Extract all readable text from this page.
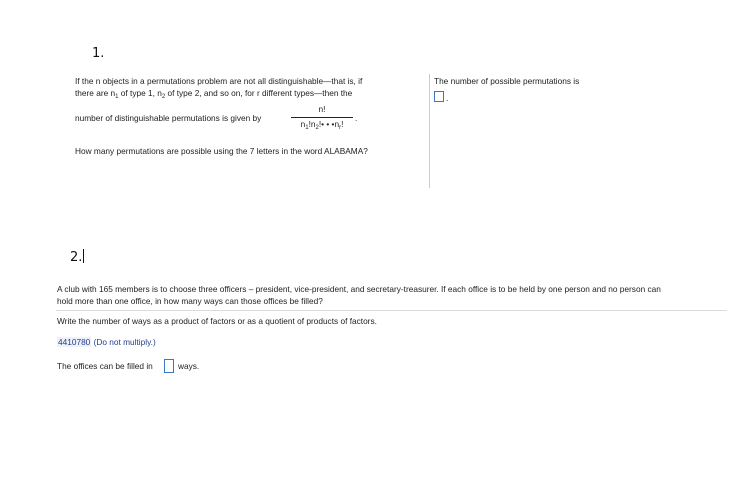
1.
If the n objects in a permutations problem are not all distinguishable—that is, if
there are $n_1$ of type 1, $n_2$ of type 2, and so on, for r different types—then the
number of distinguishable permutations is given by
n!
$n_1!n_2!•$ • $•n_r$!
.
How many permutations are possible using the 7 letters in the word ALABAMA?
The number of possible permutations is
.
2.
A club with 165 members is to choose three officers – president, vice-president, and secretary-treasurer. If each office is to be held by one person and no person can
hold more than one office, in how many ways can those offices be filled?
Write the number of ways as a product of factors or as a quotient of products of factors.
4410780 (Do not multiply.)
The offices can be filled in	ways.
